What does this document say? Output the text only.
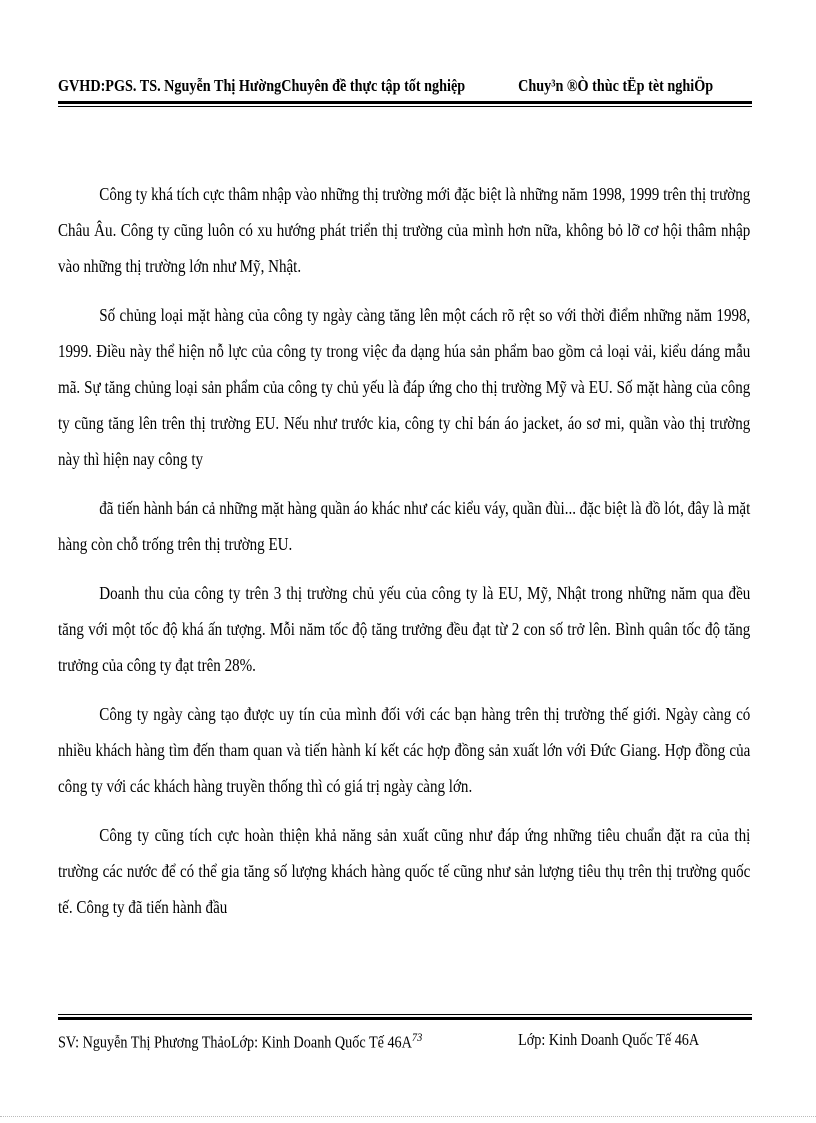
GVHD:PGS. TS. Nguyễn Thị HườngChuyên đề thực tập tốt nghiệp	Chuy³n ®Ò thùc tËp tèt nghiÖp

Công ty khá tích cực thâm nhập vào những thị trường mới đặc biệt là những năm 1998, 1999 trên thị trường Châu Âu. Công ty cũng luôn có xu hướng phát triển thị trường của mình hơn nữa, không bỏ lỡ cơ hội thâm nhập vào những thị trường lớn như Mỹ, Nhật.

Số chủng loại mặt hàng của công ty ngày càng tăng lên một cách rõ rệt so với thời điểm những năm 1998, 1999. Điều này thể hiện nỗ lực của công ty trong việc đa dạng húa sản phẩm bao gồm cả loại vải, kiểu dáng mẫu mã. Sự tăng chủng loại sản phẩm của công ty chủ yếu là đáp ứng cho thị trường Mỹ và EU. Số mặt hàng của công ty cũng tăng lên trên thị trường EU. Nếu như trước kia, công ty chỉ bán áo jacket, áo sơ mi, quần vào thị trường này thì hiện nay công ty

đã tiến hành bán cả những mặt hàng quần áo khác như các kiểu váy, quần đùi... đặc biệt là đồ lót, đây là mặt hàng còn chỗ trống trên thị trường EU.

Doanh thu của công ty trên 3 thị trường chủ yếu của công ty là EU, Mỹ, Nhật trong những năm qua đều tăng với một tốc độ khá ấn tượng. Mỗi năm tốc độ tăng trưởng đều đạt từ 2 con số trở lên. Bình quân tốc độ tăng trưởng của công ty đạt trên 28%.

Công ty ngày càng tạo được uy tín của mình đối với các bạn hàng trên thị trường thế giới. Ngày càng có nhiều khách hàng tìm đến tham quan và tiến hành kí kết các hợp đồng sản xuất lớn với Đức Giang. Hợp đồng của công ty với các khách hàng truyền thống thì có giá trị ngày càng lớn.

Công ty cũng tích cực hoàn thiện khả năng sản xuất cũng như đáp ứng những tiêu chuẩn đặt ra của thị trường các nước để có thể gia tăng số lượng khách hàng quốc tế cũng như sản lượng tiêu thụ trên thị trường quốc tế. Công ty đã tiến hành đầu

SV: Nguyễn Thị Phương ThảoLớp: Kinh Doanh Quốc Tế $46A^{73}$	Lớp: Kinh Doanh Quốc Tế 46A
